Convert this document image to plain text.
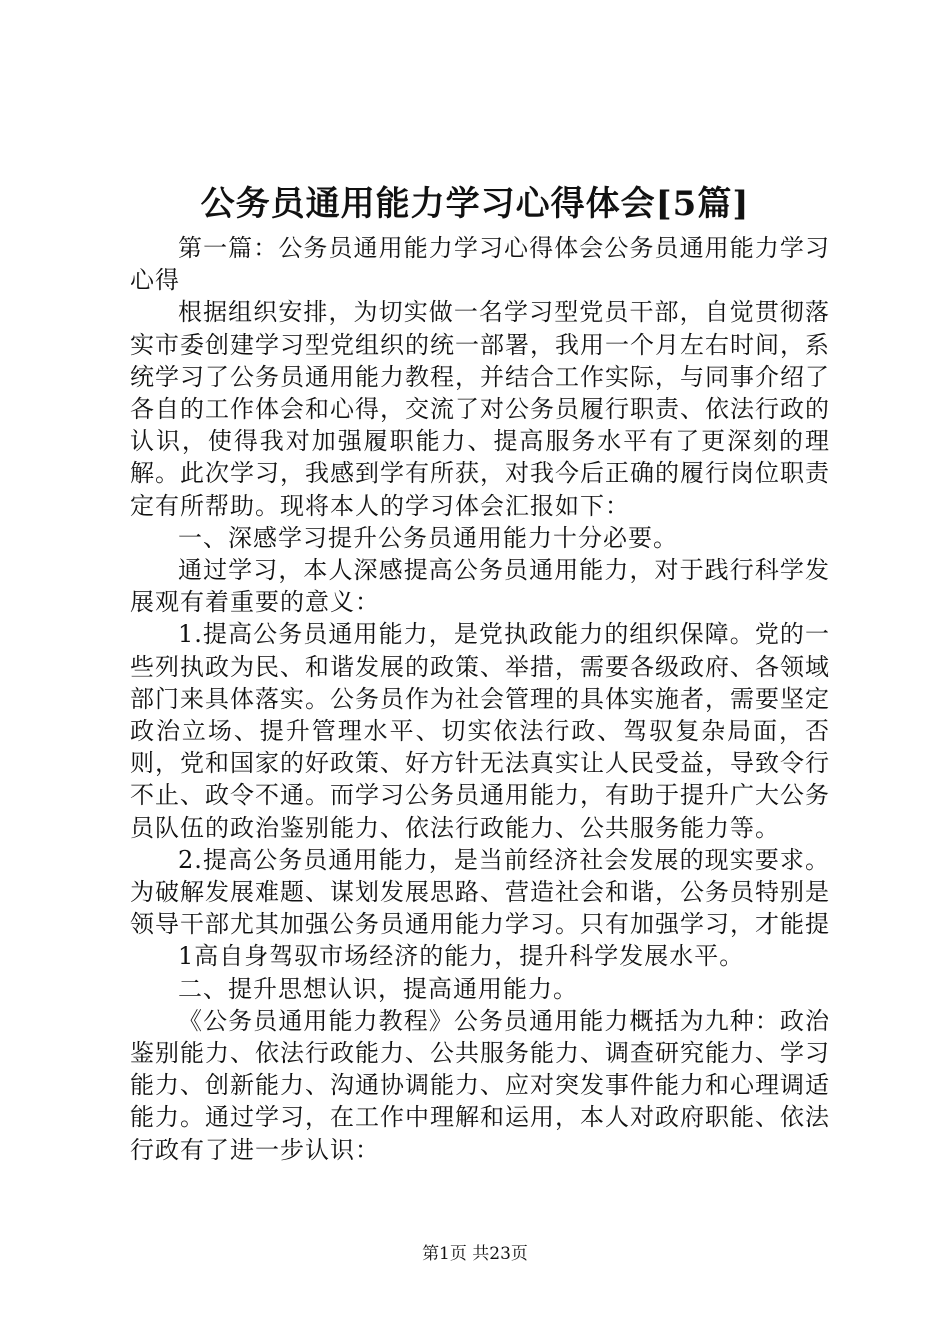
公务员通用能力学习心得体会[5篇]

第一篇：公务员通用能力学习心得体会公务员通用能力学习心得

根据组织安排，为切实做一名学习型党员干部，自觉贯彻落实市委创建学习型党组织的统一部署，我用一个月左右时间，系统学习了公务员通用能力教程，并结合工作实际，与同事介绍了各自的工作体会和心得，交流了对公务员履行职责、依法行政的认识，使得我对加强履职能力、提高服务水平有了更深刻的理解。此次学习，我感到学有所获，对我今后正确的履行岗位职责定有所帮助。现将本人的学习体会汇报如下：

一、深感学习提升公务员通用能力十分必要。

通过学习，本人深感提高公务员通用能力，对于践行科学发展观有着重要的意义：

1.提高公务员通用能力，是党执政能力的组织保障。党的一些列执政为民、和谐发展的政策、举措，需要各级政府、各领域部门来具体落实。公务员作为社会管理的具体实施者，需要坚定政治立场、提升管理水平、切实依法行政、驾驭复杂局面，否则，党和国家的好政策、好方针无法真实让人民受益，导致令行不止、政令不通。而学习公务员通用能力，有助于提升广大公务员队伍的政治鉴别能力、依法行政能力、公共服务能力等。

2.提高公务员通用能力，是当前经济社会发展的现实要求。为破解发展难题、谋划发展思路、营造社会和谐，公务员特别是领导干部尤其加强公务员通用能力学习。只有加强学习，才能提

1高自身驾驭市场经济的能力，提升科学发展水平。

二、提升思想认识，提高通用能力。

《公务员通用能力教程》公务员通用能力概括为九种：政治鉴别能力、依法行政能力、公共服务能力、调查研究能力、学习能力、创新能力、沟通协调能力、应对突发事件能力和心理调适能力。通过学习，在工作中理解和运用，本人对政府职能、依法行政有了进一步认识：

第1页 共23页
